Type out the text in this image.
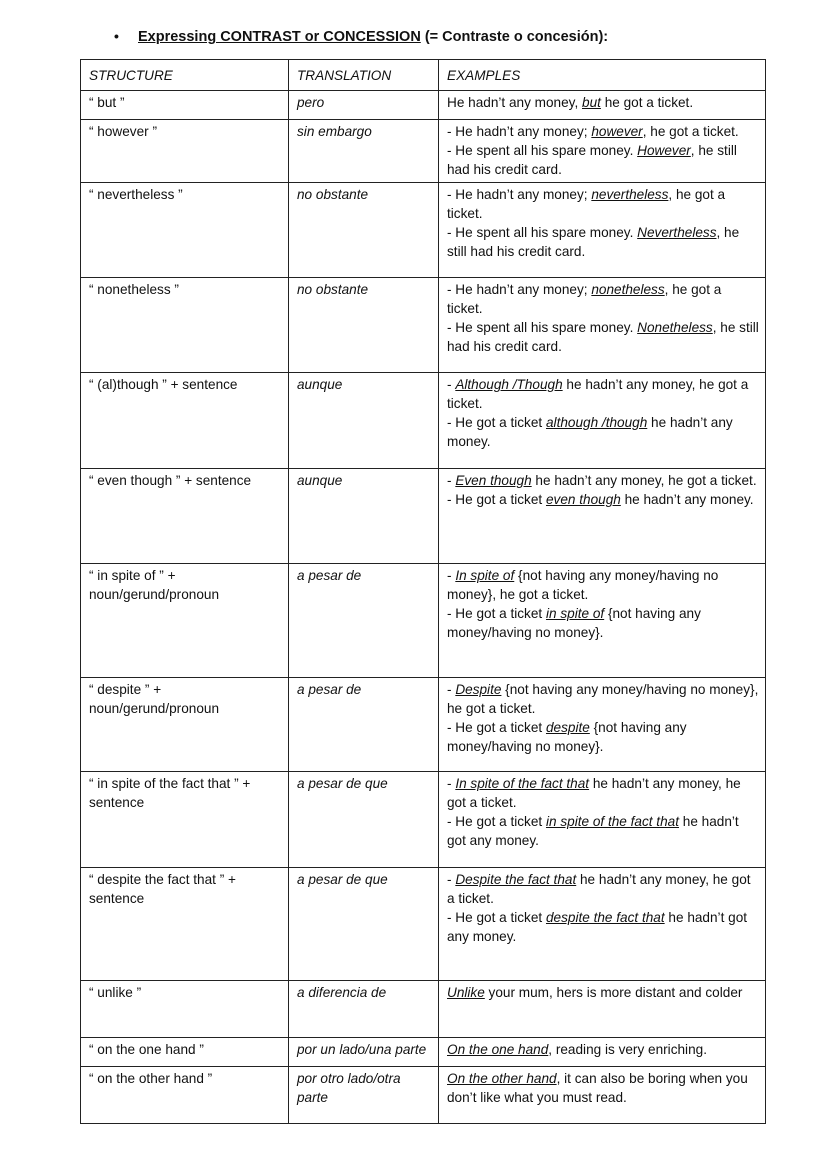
• Expressing CONTRAST or CONCESSION (= Contraste o concesión):
STRUCTURE	TRANSLATION	EXAMPLES
“ but ”	pero	He hadn’t any money, but he got a ticket.

“ however ”	sin embargo	- He hadn’t any money; however, he got a ticket.
- He spent all his spare money. However, he still had his credit card.

“ nevertheless ”	no obstante	- He hadn’t any money; nevertheless, he got a ticket.
- He spent all his spare money. Nevertheless, he still had his credit card.

“ nonetheless ”	no obstante	- He hadn’t any money; nonetheless, he got a ticket.
- He spent all his spare money. Nonetheless, he still had his credit card.

“ (al)though ” + sentence	aunque	- Although /Though he hadn’t any money, he got a ticket.
- He got a ticket although /though he hadn’t any money.

“ even though ” + sentence	aunque	- Even though he hadn’t any money, he got a ticket.
- He got a ticket even though he hadn’t any money.

“ in spite of ” + noun/gerund/pronoun	a pesar de	- In spite of {not having any money/having no money}, he got a ticket.
- He got a ticket in spite of {not having any money/having no money}.

“ despite ” + noun/gerund/pronoun	a pesar de	- Despite {not having any money/having no money}, he got a ticket.
- He got a ticket despite {not having any money/having no money}.

“ in spite of the fact that ” + sentence	a pesar de que	- In spite of the fact that he hadn’t any money, he got a ticket.
- He got a ticket in spite of the fact that he hadn’t got any money.

“ despite the fact that ” + sentence	a pesar de que	- Despite the fact that he hadn’t any money, he got a ticket.
- He got a ticket despite the fact that he hadn’t got any money.

“ unlike ”	a diferencia de	Unlike your mum, hers is more distant and colder

“ on the one hand ”	por un lado/una parte	On the one hand, reading is very enriching.

“ on the other hand ”	por otro lado/otra parte	On the other hand, it can also be boring when you don’t like what you must read.
